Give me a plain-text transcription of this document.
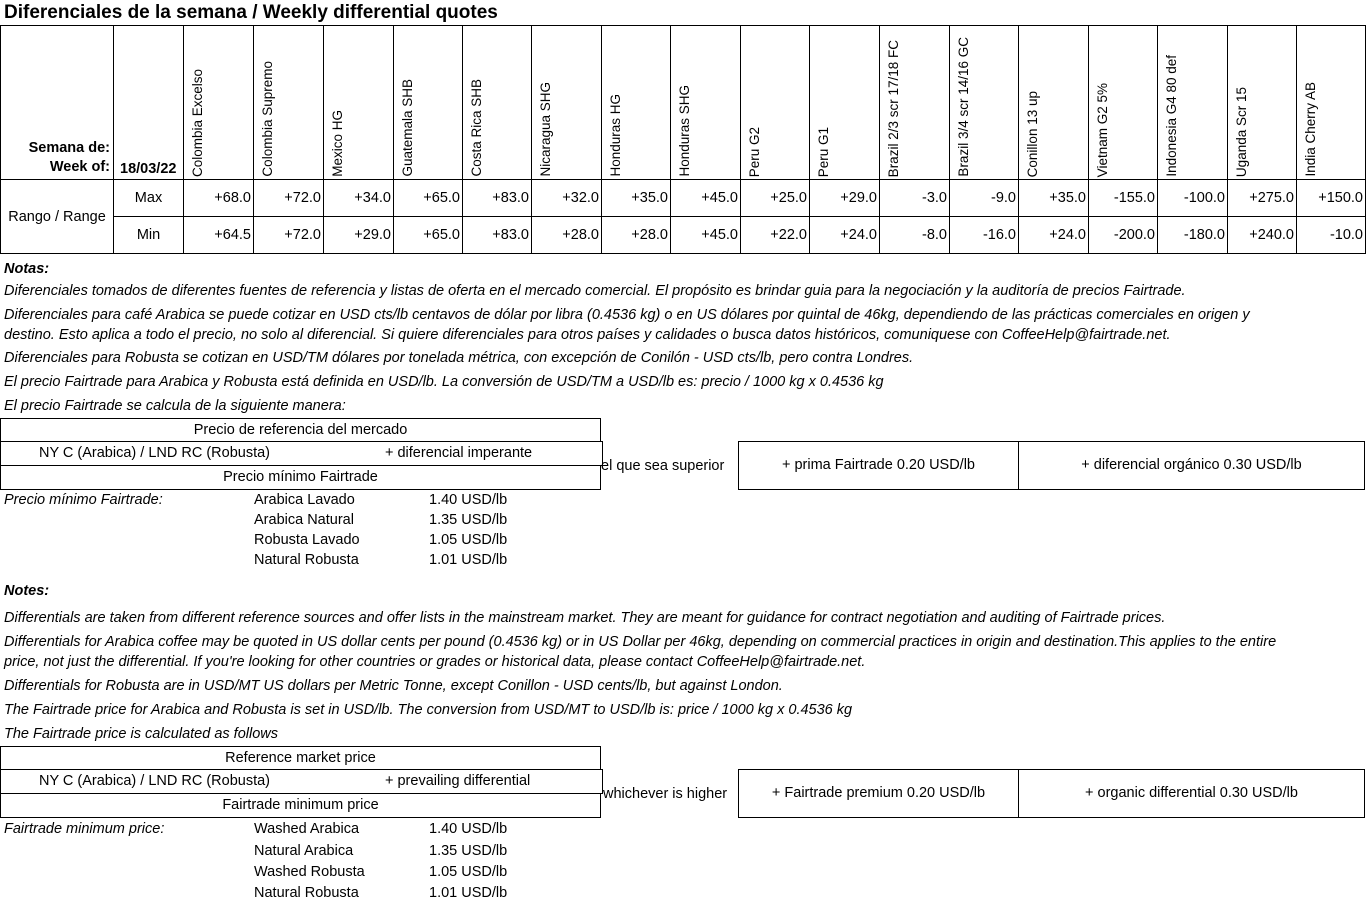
Diferenciales de la semana / Weekly differential quotes
Semana de:
Week of:	18/03/22	Colombia Excelso	Colombia Supremo	Mexico HG	Guatemala SHB	Costa Rica SHB	Nicaragua SHG	Honduras HG	Honduras SHG	Peru G2	Peru G1	Brazil 2/3 scr 17/18 FC	Brazil 3/4 scr 14/16 GC	Conillon 13 up	Vietnam G2 5%	Indonesia G4 80 def	Uganda Scr 15	India Cherry AB

Rango / Range	Max	+68.0	+72.0	+34.0	+65.0	+83.0	+32.0	+35.0	+45.0	+25.0	+29.0	-3.0	-9.0	+35.0	-155.0	-100.0	+275.0	+150.0
	Min	+64.5	+72.0	+29.0	+65.0	+83.0	+28.0	+28.0	+45.0	+22.0	+24.0	-8.0	-16.0	+24.0	-200.0	-180.0	+240.0	-10.0
Notas:
Diferenciales tomados de diferentes fuentes de referencia y listas de oferta en el mercado comercial. El propósito es brindar guia para la negociación y la auditoría de precios Fairtrade.
Diferenciales para café Arabica se puede cotizar en USD cts/lb centavos de dólar por libra (0.4536 kg) o en US dólares por quintal de 46kg, dependiendo de las prácticas comerciales en origen y
destino. Esto aplica a todo el precio, no solo al diferencial. Si quiere diferenciales para otros países y calidades o busca datos históricos, comuniquese con CoffeeHelp@fairtrade.net.
Diferenciales para Robusta se cotizan en USD/TM dólares por tonelada métrica, con excepción de Conilón - USD cts/lb, pero contra Londres.
El precio Fairtrade para Arabica y Robusta está definida en USD/lb. La conversión de USD/TM a USD/lb es: precio / 1000 kg x 0.4536 kg
El precio Fairtrade se calcula de la siguiente manera:
Precio de referencia del mercado
NY C (Arabica) / LND RC (Robusta)	+ diferencial imperante
Precio mínimo Fairtrade
el que sea superior	+ prima Fairtrade 0.20 USD/lb	+ diferencial orgánico 0.30 USD/lb
Precio mínimo Fairtrade:	Arabica Lavado	1.40 USD/lb
Arabica Natural	1.35 USD/lb
Robusta Lavado	1.05 USD/lb
Natural Robusta	1.01 USD/lb
Notes:
Differentials are taken from different reference sources and offer lists in the mainstream market. They are meant for guidance for contract negotiation and auditing of Fairtrade prices.
Differentials for Arabica coffee may be quoted in US dollar cents per pound (0.4536 kg) or in US Dollar per 46kg, depending on commercial practices in origin and destination.This applies to the entire
price, not just the differential. If you're looking for other countries or grades or historical data, please contact CoffeeHelp@fairtrade.net.
Differentials for Robusta are in USD/MT US dollars per Metric Tonne, except Conillon - USD cents/lb, but against London.
The Fairtrade price for Arabica and Robusta is set in USD/lb. The conversion from USD/MT to USD/lb is: price / 1000 kg x 0.4536 kg
The Fairtrade price is calculated as follows
Reference market price
NY C (Arabica) / LND RC (Robusta)	+ prevailing differential
Fairtrade minimum price
whichever is higher	+ Fairtrade premium 0.20 USD/lb	+ organic differential 0.30 USD/lb
Fairtrade minimum price:	Washed Arabica	1.40 USD/lb
Natural Arabica	1.35 USD/lb
Washed Robusta	1.05 USD/lb
Natural Robusta	1.01 USD/lb
